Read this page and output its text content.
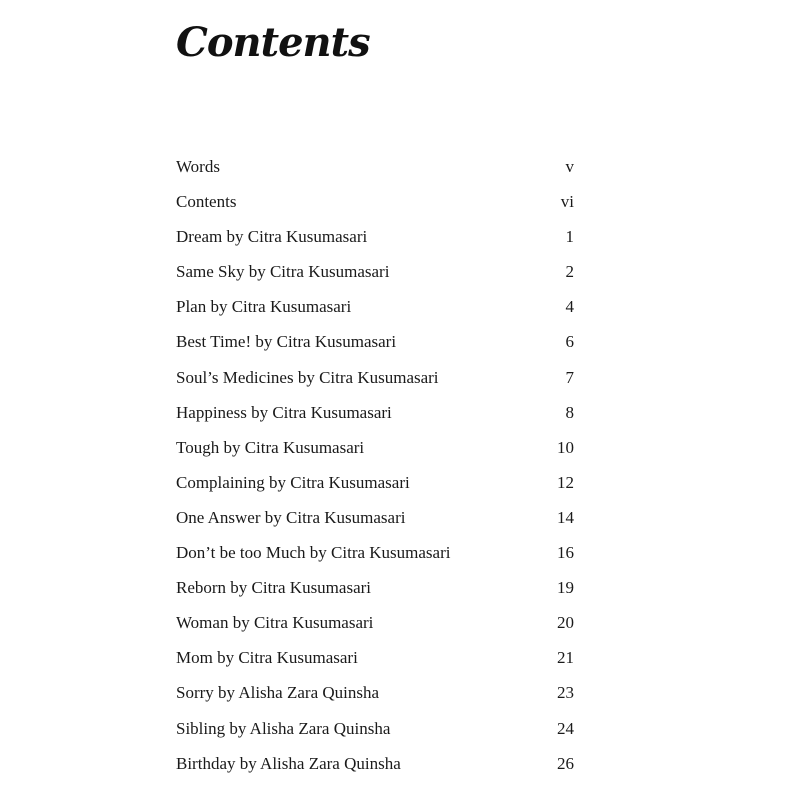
Contents
Words	v
Contents	vi
Dream by Citra Kusumasari	1
Same Sky by Citra Kusumasari	2
Plan by Citra Kusumasari	4
Best Time! by Citra Kusumasari	6
Soul’s Medicines by Citra Kusumasari	7
Happiness by Citra Kusumasari	8
Tough by Citra Kusumasari	10
Complaining by Citra Kusumasari	12
One Answer by Citra Kusumasari	14
Don’t be too Much by Citra Kusumasari	16
Reborn by Citra Kusumasari	19
Woman by Citra Kusumasari	20
Mom by Citra Kusumasari	21
Sorry by Alisha Zara Quinsha	23
Sibling by Alisha Zara Quinsha	24
Birthday by Alisha Zara Quinsha	26
